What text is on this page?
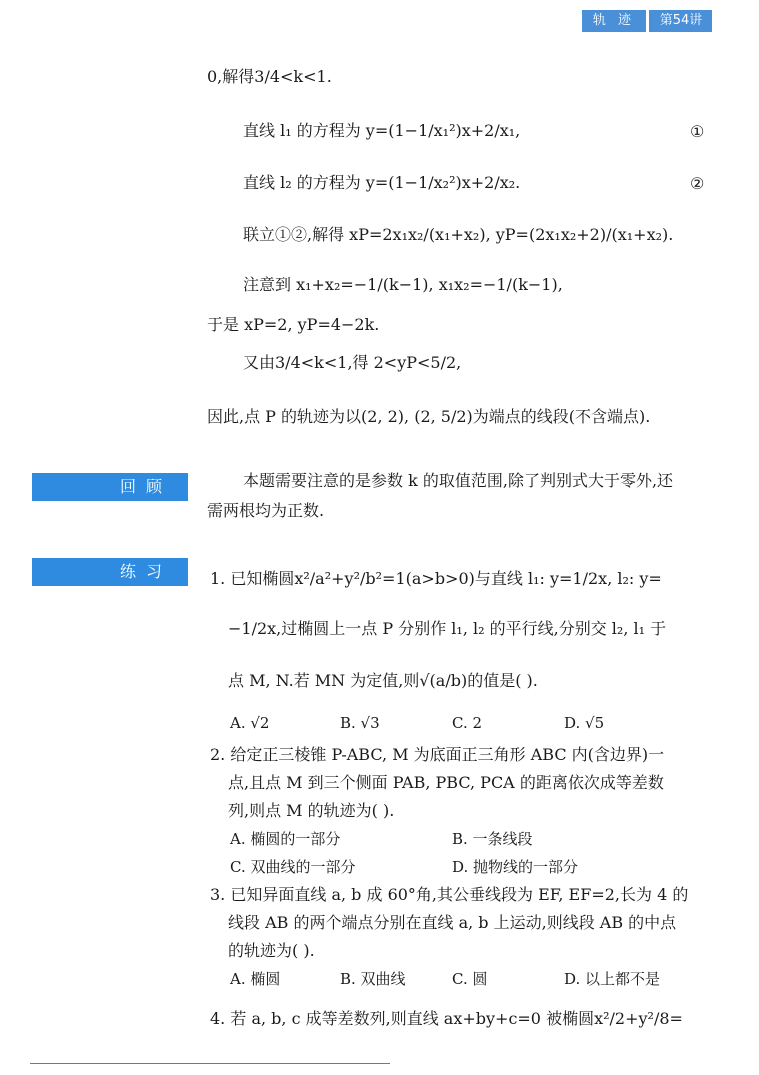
轨 迹	第54讲
0,解得3/4<k<1.
直线 l₁ 的方程为 y=(1−1/x₁²)x+2/x₁,	①
直线 l₂ 的方程为 y=(1−1/x₂²)x+2/x₂.	②
联立①②,解得 xP=2x₁x₂/(x₁+x₂), yP=(2x₁x₂+2)/(x₁+x₂).
注意到 x₁+x₂=−1/(k−1), x₁x₂=−1/(k−1),
于是 xP=2, yP=4−2k.
又由3/4<k<1,得 2<yP<5/2,
因此,点 P 的轨迹为以(2, 2), (2, 5/2)为端点的线段(不含端点).
回顾	本题需要注意的是参数 k 的取值范围,除了判别式大于零外,还
需两根均为正数.
练习	1. 已知椭圆x²/a²+y²/b²=1(a>b>0)与直线 l₁: y=1/2x, l₂: y=
−1/2x,过椭圆上一点 P 分别作 l₁, l₂ 的平行线,分别交 l₂, l₁ 于
点 M, N.若 MN 为定值,则√(a/b)的值是( ).
A. √2	B. √3	C. 2	D. √5
2. 给定正三棱锥 P-ABC, M 为底面正三角形 ABC 内(含边界)一
点,且点 M 到三个侧面 PAB, PBC, PCA 的距离依次成等差数
列,则点 M 的轨迹为( ).
A. 椭圆的一部分	B. 一条线段
C. 双曲线的一部分	D. 抛物线的一部分
3. 已知异面直线 a, b 成 60°角,其公垂线段为 EF, EF=2,长为 4 的
线段 AB 的两个端点分别在直线 a, b 上运动,则线段 AB 的中点
的轨迹为( ).
A. 椭圆	B. 双曲线	C. 圆	D. 以上都不是
4. 若 a, b, c 成等差数列,则直线 ax+by+c=0 被椭圆x²/2+y²/8=
